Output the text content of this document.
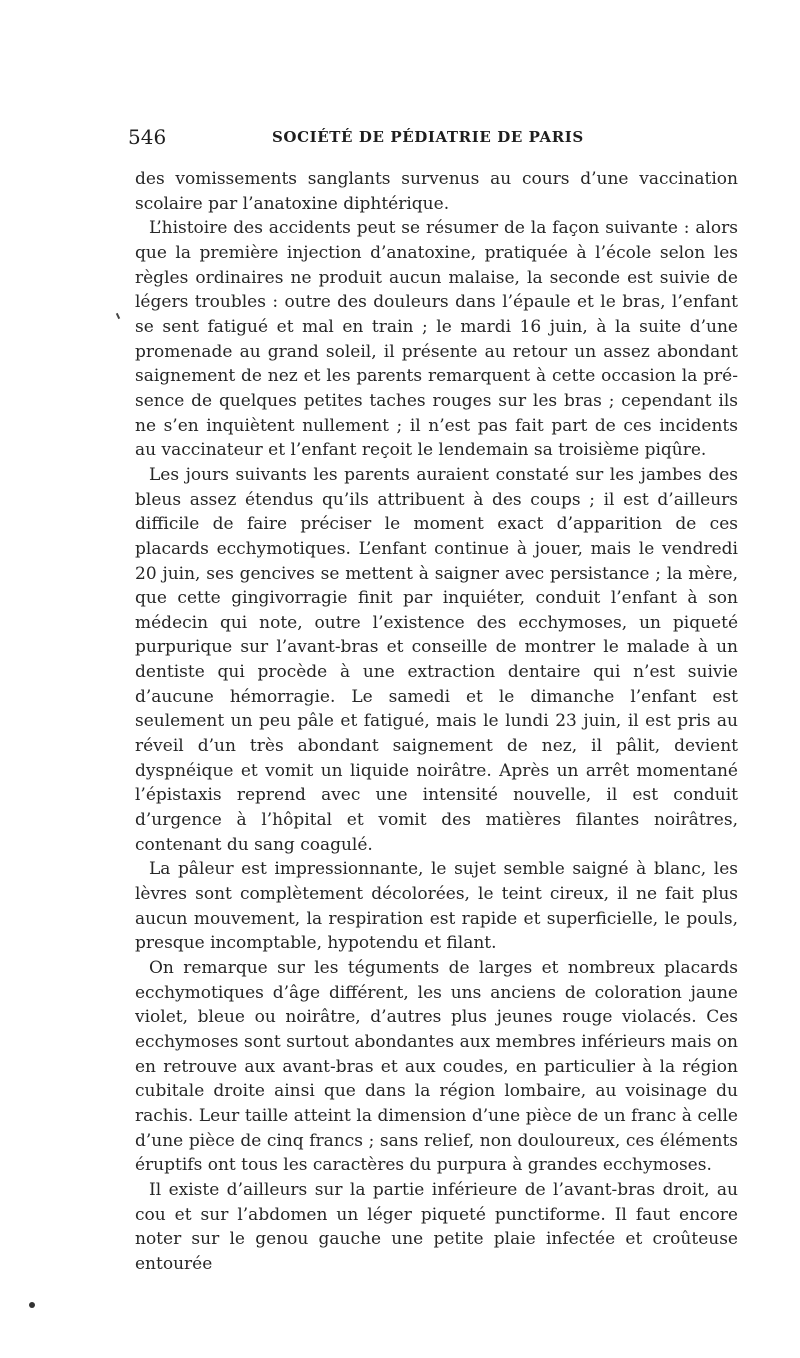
546	SOCIÉTÉ DE PÉDIATRIE DE PARIS

des vomissements sanglants survenus au cours d’une vaccination scolaire par l’anatoxine diphtérique.

L’histoire des accidents peut se résumer de la façon suivante : alors que la première injection d’anatoxine, pratiquée à l’école selon les règles ordinaires ne produit aucun malaise, la seconde est suivie de légers troubles : outre des douleurs dans l’épaule et le bras, l’enfant se sent fatigué et mal en train ; le mardi 16 juin, à la suite d’une promenade au grand soleil, il présente au retour un assez abondant saignement de nez et les parents remarquent à cette occasion la présence de quelques petites taches rouges sur les bras ; cependant ils ne s’en inquiètent nullement ; il n’est pas fait part de ces incidents au vaccinateur et l’enfant reçoit le lendemain sa troisième piqûre.

Les jours suivants les parents auraient constaté sur les jambes des bleus assez étendus qu’ils attribuent à des coups ; il est d’ailleurs difficile de faire préciser le moment exact d’apparition de ces placards ecchymotiques. L’enfant continue à jouer, mais le vendredi 20 juin, ses gencives se mettent à saigner avec persistance ; la mère, que cette gingivorragie finit par inquiéter, conduit l’enfant à son médecin qui note, outre l’existence des ecchymoses, un piqueté purpurique sur l’avant-bras et conseille de montrer le malade à un dentiste qui procède à une extraction dentaire qui n’est suivie d’aucune hémorragie. Le samedi et le dimanche l’enfant est seulement un peu pâle et fatigué, mais le lundi 23 juin, il est pris au réveil d’un très abondant saignement de nez, il pâlit, devient dyspnéique et vomit un liquide noirâtre. Après un arrêt momentané l’épistaxis reprend avec une intensité nouvelle, il est conduit d’urgence à l’hôpital et vomit des matières filantes noirâtres, contenant du sang coagulé.

La pâleur est impressionnante, le sujet semble saigné à blanc, les lèvres sont complètement décolorées, le teint cireux, il ne fait plus aucun mouvement, la respiration est rapide et superficielle, le pouls, presque incomptable, hypotendu et filant.

On remarque sur les téguments de larges et nombreux placards ecchymotiques d’âge différent, les uns anciens de coloration jaune violet, bleue ou noirâtre, d’autres plus jeunes rouge violacés. Ces ecchymoses sont surtout abondantes aux membres inférieurs mais on en retrouve aux avant-bras et aux coudes, en particulier à la région cubitale droite ainsi que dans la région lombaire, au voisinage du rachis. Leur taille atteint la dimension d’une pièce de un franc à celle d’une pièce de cinq francs ; sans relief, non douloureux, ces éléments éruptifs ont tous les caractères du purpura à grandes ecchymoses.

Il existe d’ailleurs sur la partie inférieure de l’avant-bras droit, au cou et sur l’abdomen un léger piqueté punctiforme. Il faut encore noter sur le genou gauche une petite plaie infectée et croûteuse entourée
